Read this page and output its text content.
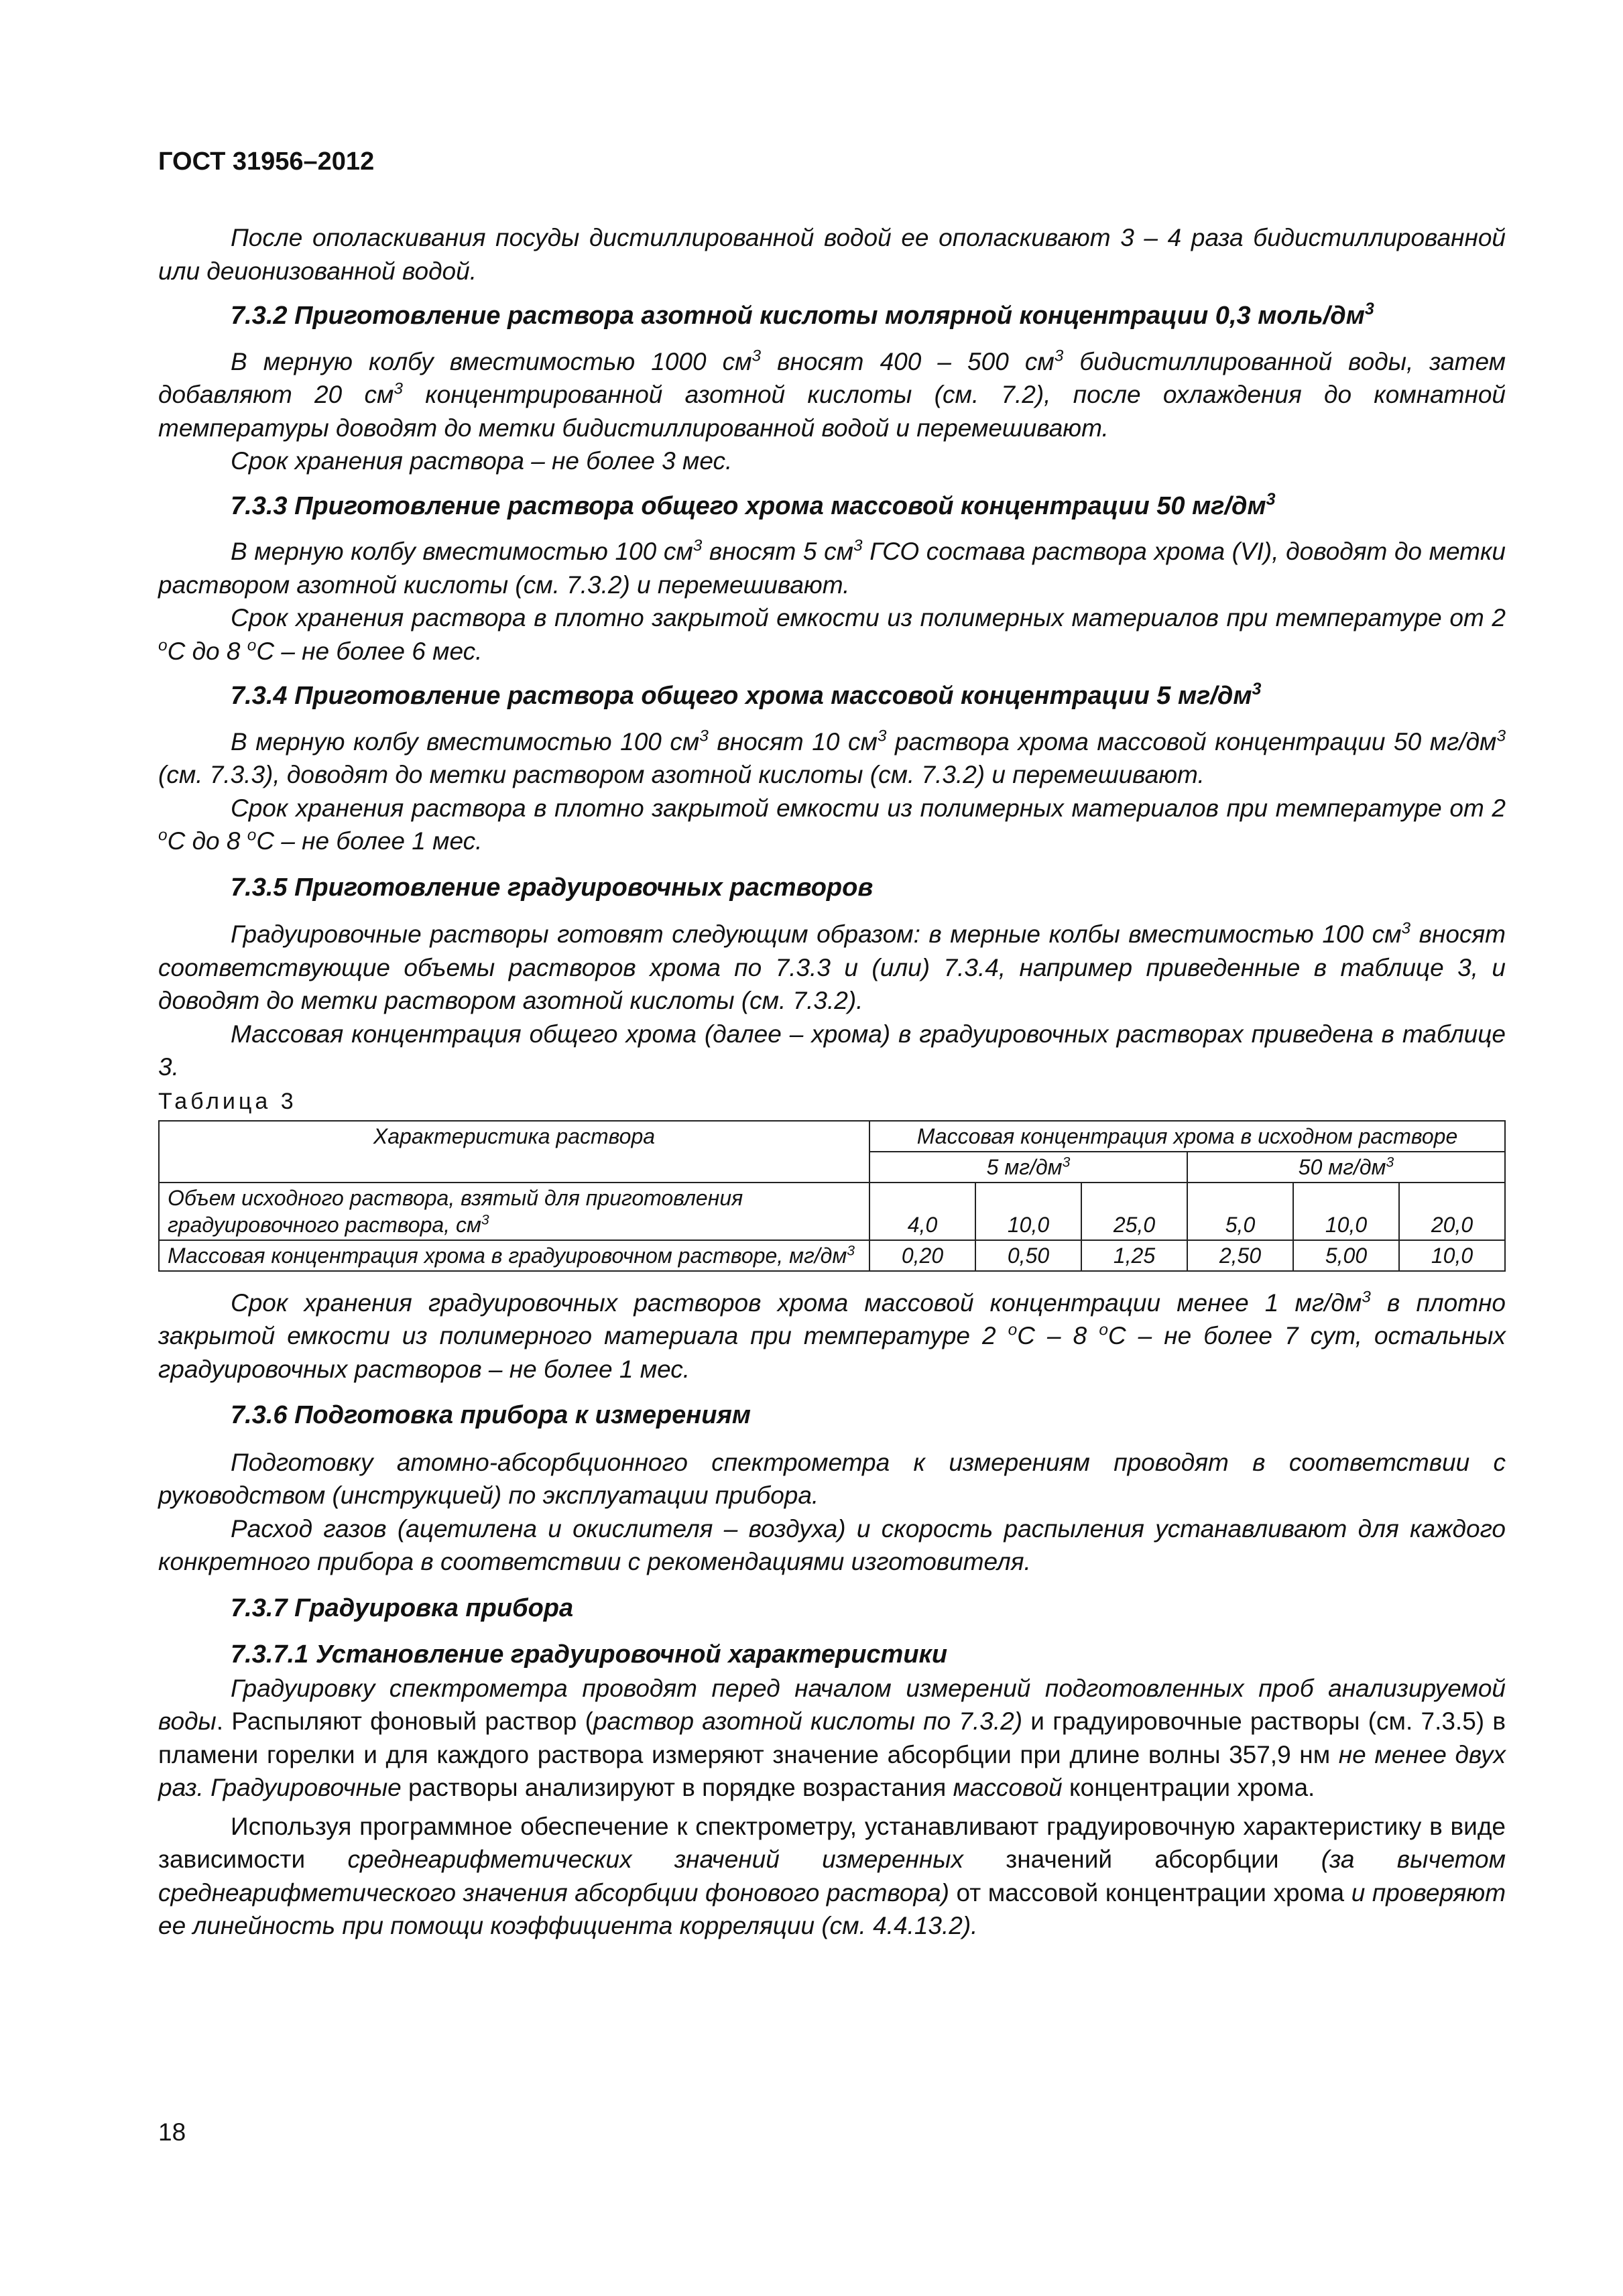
ГОСТ 31956–2012

После ополаскивания посуды дистиллированной водой ее ополаскивают 3 – 4 раза бидистиллированной или деионизованной водой.

7.3.2 Приготовление раствора азотной кислоты молярной концентрации 0,3 моль/$дм^3$

В мерную колбу вместимостью 1000 $см^3$ вносят 400 – 500 $см^3$ бидистиллированной воды, затем добавляют 20 $см^3$ концентрированной азотной кислоты (см. 7.2), после охлаждения до комнатной температуры доводят до метки бидистиллированной водой и перемешивают.

Срок хранения раствора – не более 3 мес.

7.3.3 Приготовление раствора общего хрома массовой концентрации 50 $мг/дм^3$

В мерную колбу вместимостью 100 $см^3$ вносят 5 $см^3$ ГСО состава раствора хрома (VI), доводят до метки раствором азотной кислоты (см. 7.3.2) и перемешивают.

Срок хранения раствора в плотно закрытой емкости из полимерных материалов при температуре от 2 $^о$С до 8 $^о$С – не более 6 мес.

7.3.4 Приготовление раствора общего хрома массовой концентрации 5 $мг/дм^3$

В мерную колбу вместимостью 100 $см^3$ вносят 10 $см^3$ раствора хрома массовой концентрации 50 $мг/дм^3$ (см. 7.3.3), доводят до метки раствором азотной кислоты (см. 7.3.2) и перемешивают.

Срок хранения раствора в плотно закрытой емкости из полимерных материалов при температуре от 2 $^о$С до 8 $^о$С – не более 1 мес.

7.3.5 Приготовление градуировочных растворов

Градуировочные растворы готовят следующим образом: в мерные колбы вместимостью 100 $см^3$ вносят соответствующие объемы растворов хрома по 7.3.3 и (или) 7.3.4, например приведенные в таблице 3, и доводят до метки раствором азотной кислоты (см. 7.3.2).

Массовая концентрация общего хрома (далее – хрома) в градуировочных растворах приведена в таблице 3.

Таблица 3
Характеристика раствора	Массовая концентрация хрома в исходном растворе					
	5 $мг/дм^3$			50 $мг/дм^3$
Объем исходного раствора, взятый для приготовления градуировочного раствора, $см^3$	4,0	10,0	25,0	5,0	10,0	20,0
Массовая концентрация хрома в градуировочном растворе, $мг/дм^3$	0,20	0,50	1,25	2,50	5,00	10,0

Срок хранения градуировочных растворов хрома массовой концентрации менее 1 $мг/дм^3$ в плотно закрытой емкости из полимерного материала при температуре 2 $^о$С – 8 $^о$С – не более 7 сут, остальных градуировочных растворов – не более 1 мес.

7.3.6 Подготовка прибора к измерениям

Подготовку атомно-абсорбционного спектрометра к измерениям проводят в соответствии с руководством (инструкцией) по эксплуатации прибора.

Расход газов (ацетилена и окислителя – воздуха) и скорость распыления устанавливают для каждого конкретного прибора в соответствии с рекомендациями изготовителя.

7.3.7 Градуировка прибора

7.3.7.1 Установление градуировочной характеристики

Градуировку спектрометра проводят перед началом измерений подготовленных проб анализируемой воды. Распыляют фоновый раствор (раствор азотной кислоты по 7.3.2) и градуировочные растворы (см. 7.3.5) в пламени горелки и для каждого раствора измеряют значение абсорбции при длине волны 357,9 нм не менее двух раз. Градуировочные растворы анализируют в порядке возрастания массовой концентрации хрома.

Используя программное обеспечение к спектрометру, устанавливают градуировочную характеристику в виде зависимости среднеарифметических значений измеренных значений абсорбции (за вычетом среднеарифметического значения абсорбции фонового раствора) от массовой концентрации хрома и проверяют ее линейность при помощи коэффициента корреляции (см. 4.4.13.2).

18
